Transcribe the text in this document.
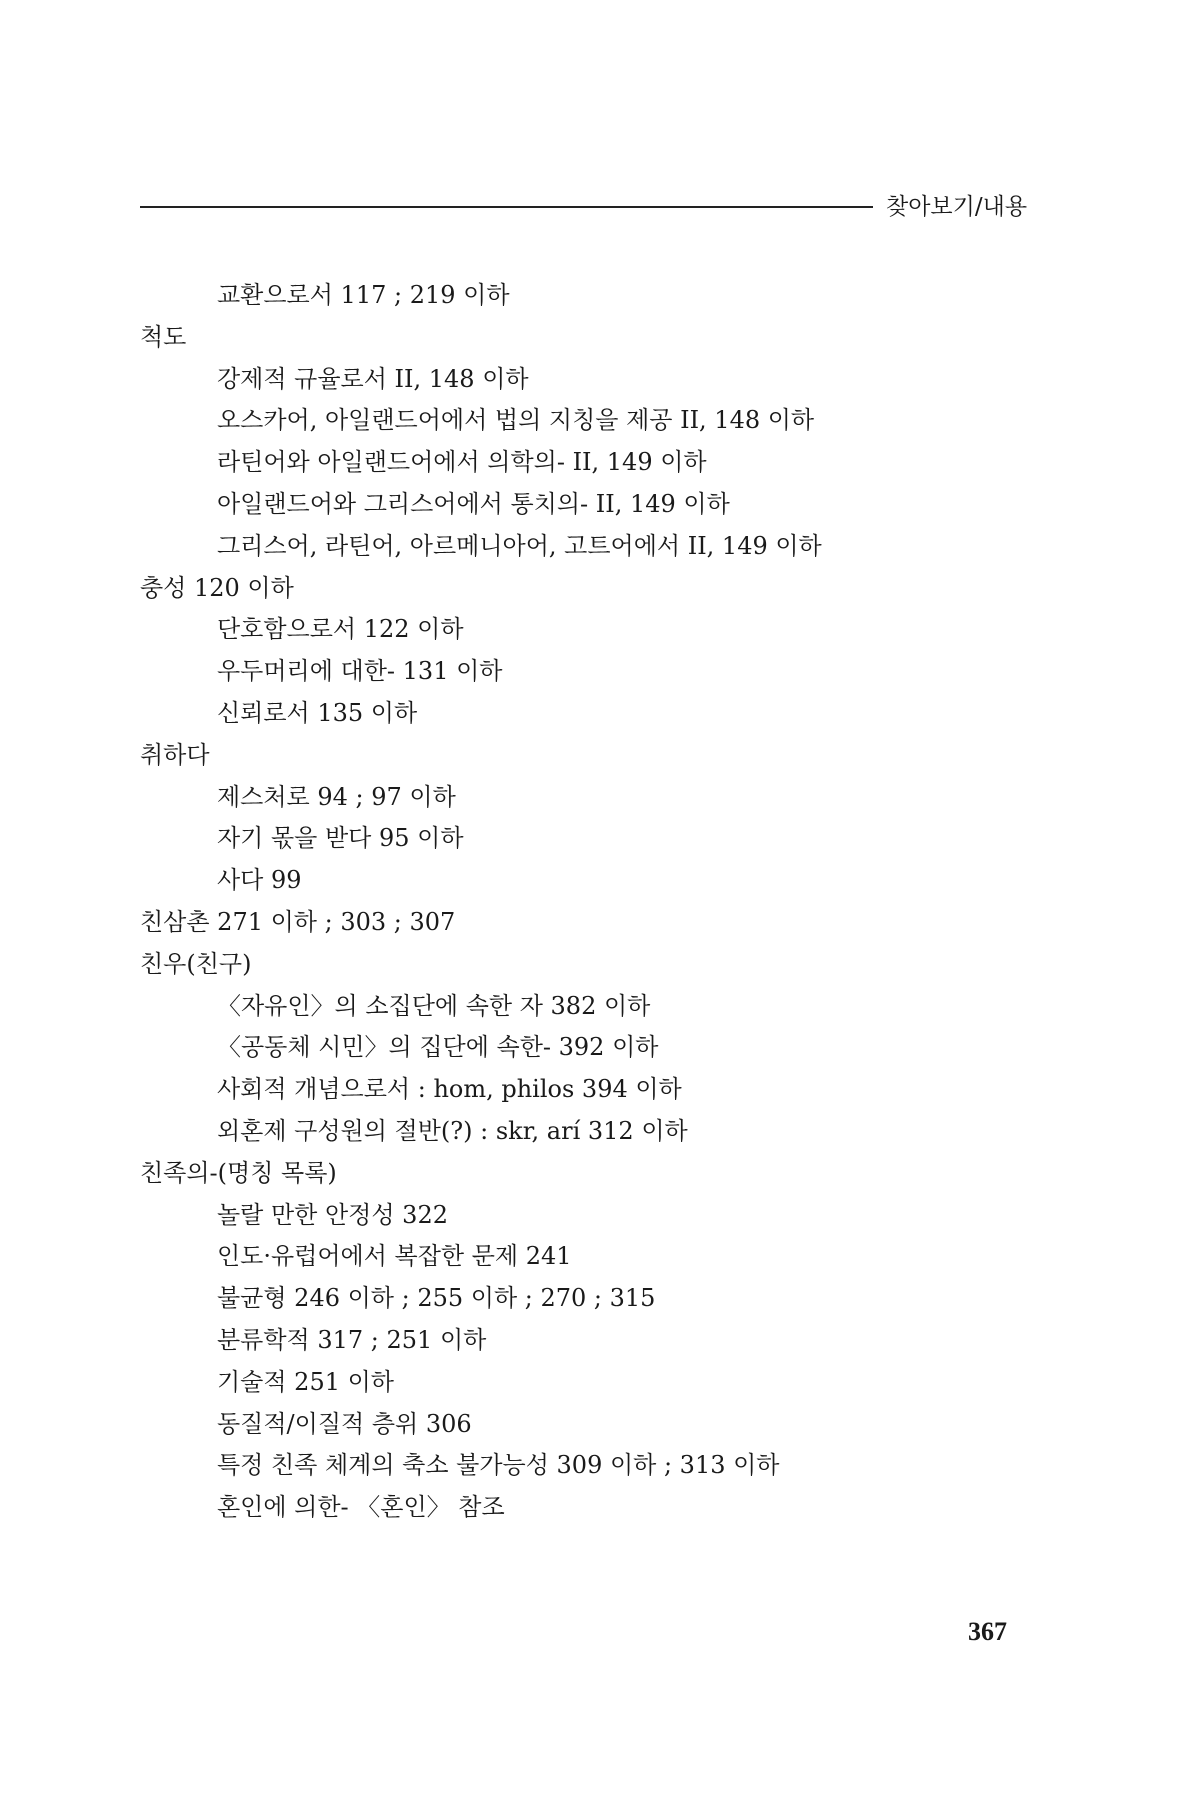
찾아보기/내용
교환으로서 117 ; 219 이하
척도
강제적 규율로서 II, 148 이하
오스카어, 아일랜드어에서 법의 지칭을 제공 II, 148 이하
라틴어와 아일랜드어에서 의학의- II, 149 이하
아일랜드어와 그리스어에서 통치의- II, 149 이하
그리스어, 라틴어, 아르메니아어, 고트어에서 II, 149 이하
충성 120 이하
단호함으로서 122 이하
우두머리에 대한- 131 이하
신뢰로서 135 이하
취하다
제스처로 94 ; 97 이하
자기 몫을 받다 95 이하
사다 99
친삼촌 271 이하 ; 303 ; 307
친우(친구)
〈자유인〉의 소집단에 속한 자 382 이하
〈공동체 시민〉의 집단에 속한- 392 이하
사회적 개념으로서 : hom, philos 394 이하
외혼제 구성원의 절반(?) : skr, arí 312 이하
친족의-(명칭 목록)
놀랄 만한 안정성 322
인도·유럽어에서 복잡한 문제 241
불균형 246 이하 ; 255 이하 ; 270 ; 315
분류학적 317 ; 251 이하
기술적 251 이하
동질적/이질적 층위 306
특정 친족 체계의 축소 불가능성 309 이하 ; 313 이하
혼인에 의한- 〈혼인〉 참조
367
